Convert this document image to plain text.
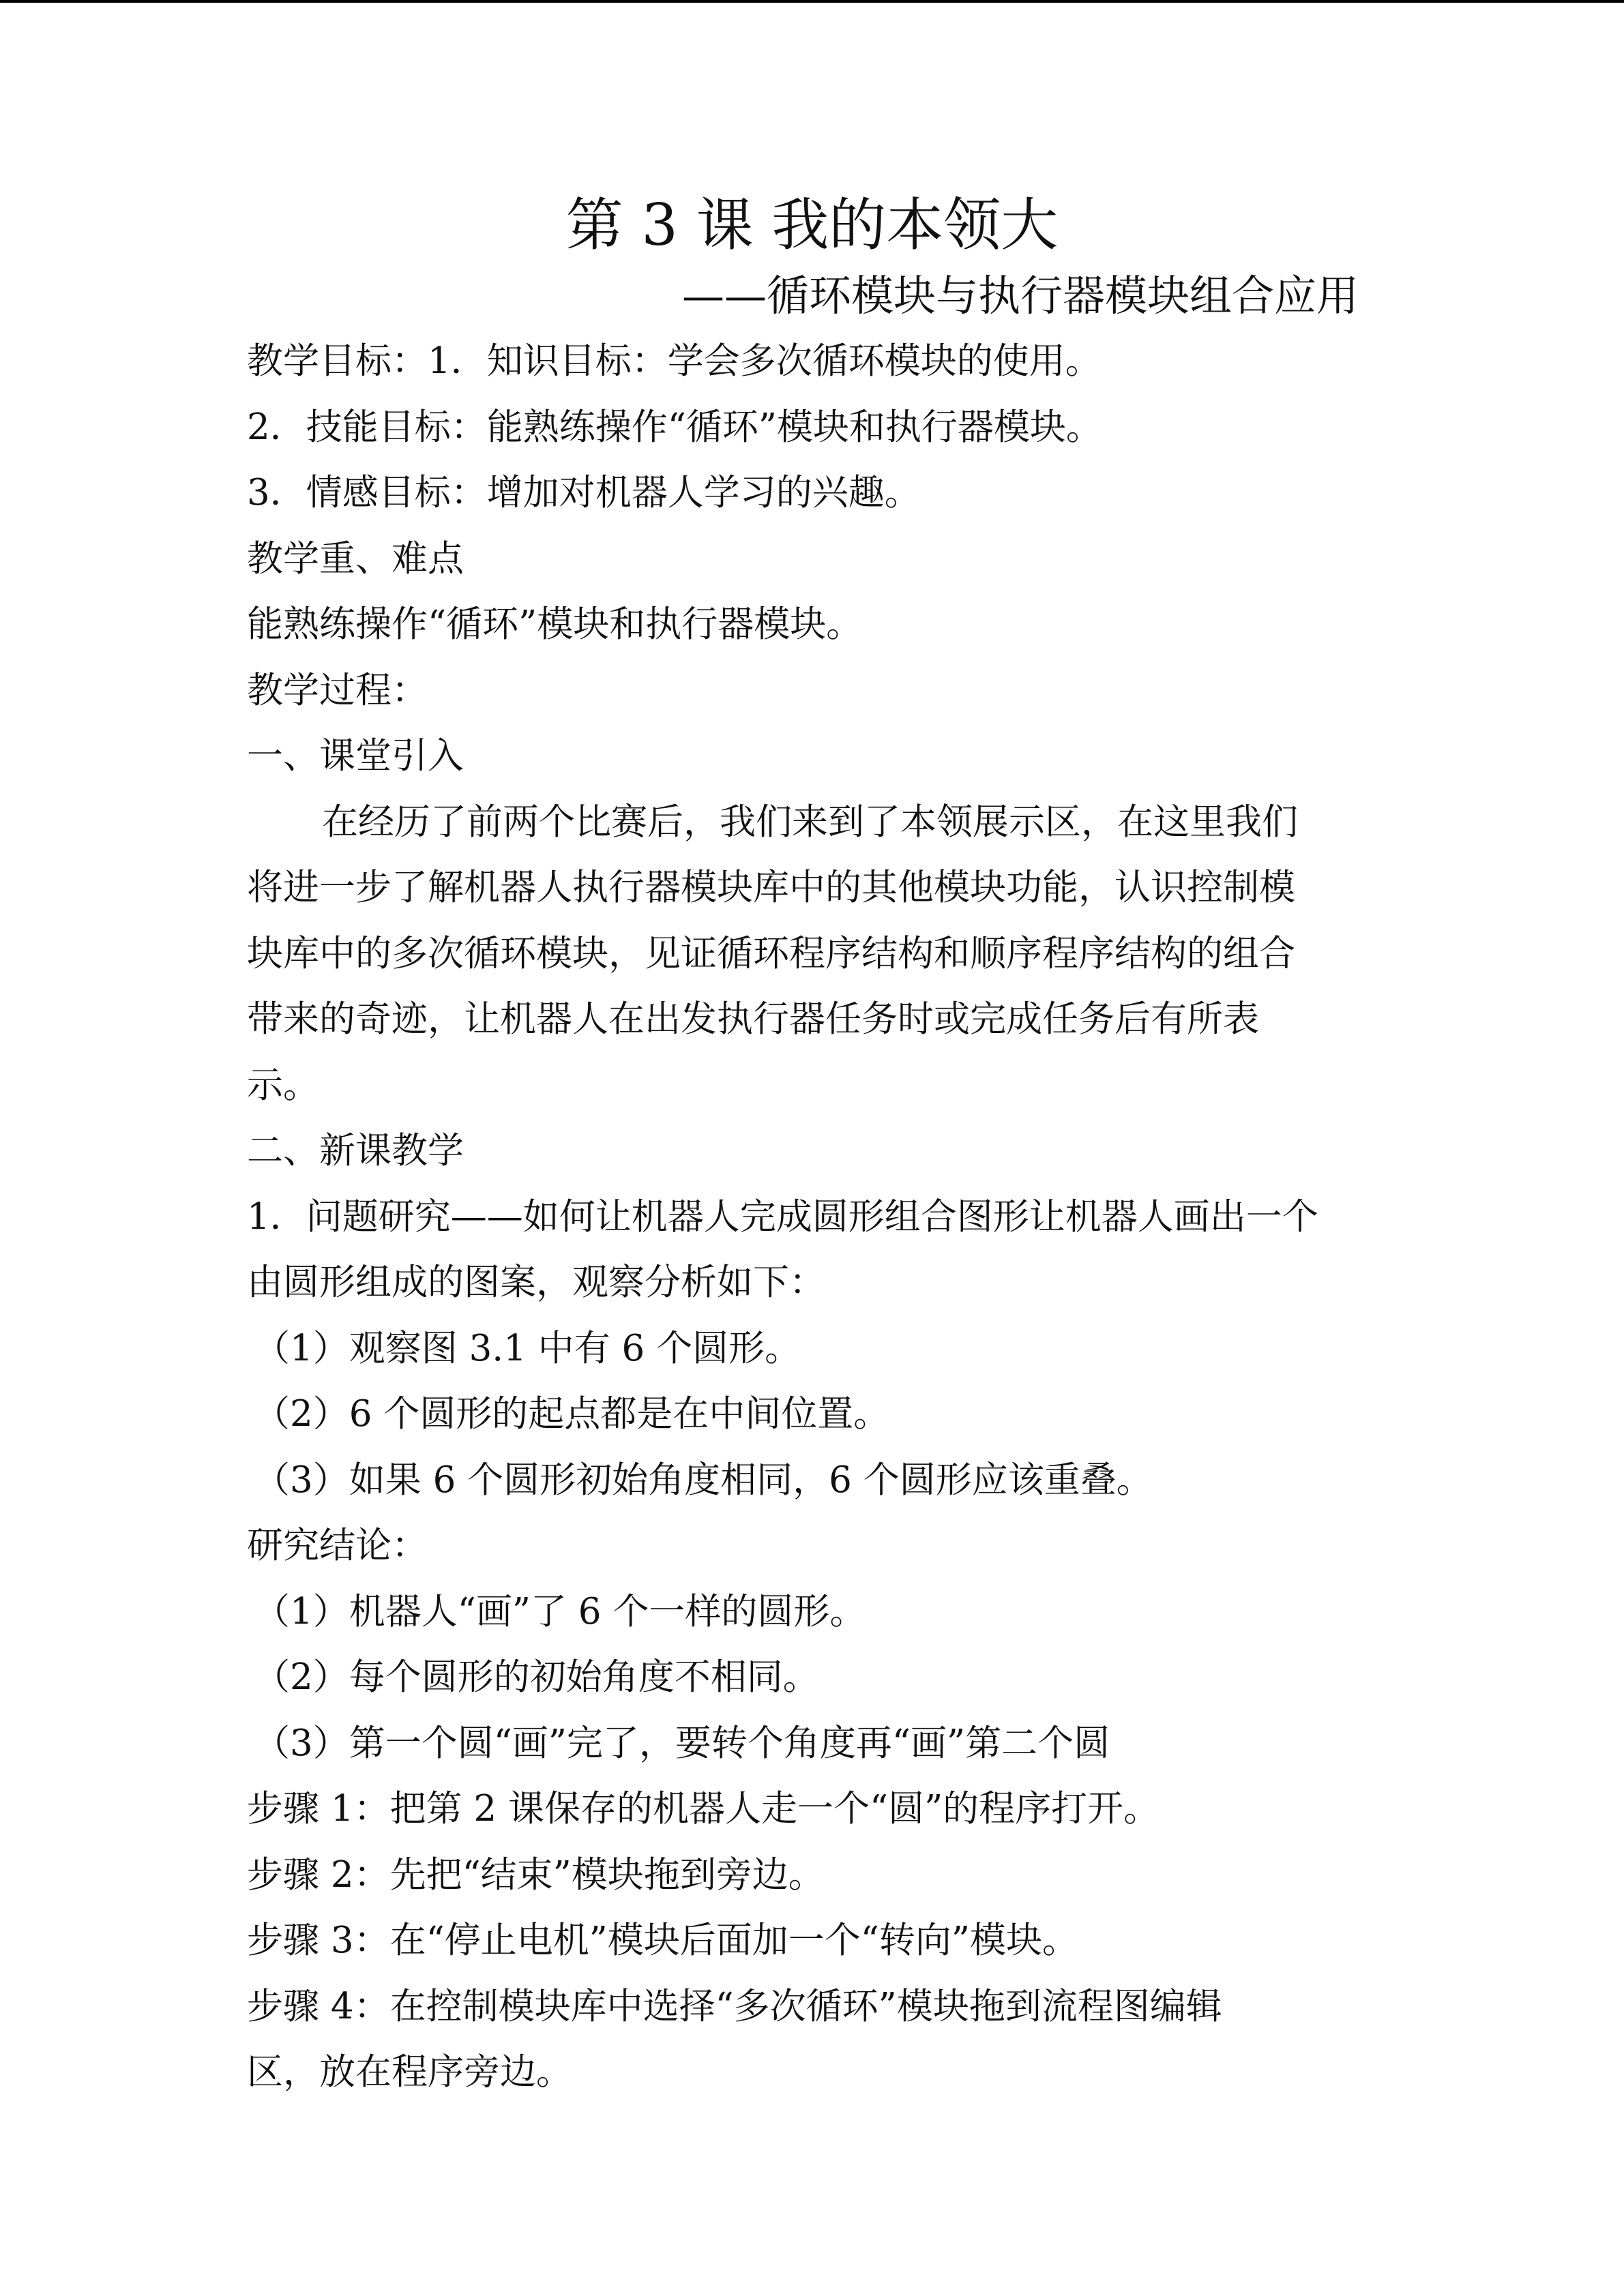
第 3 课 我的本领大
——循环模块与执行器模块组合应用
教学目标：1．知识目标：学会多次循环模块的使用。
2．技能目标：能熟练操作“循环”模块和执行器模块。
3．情感目标：增加对机器人学习的兴趣。
教学重、难点
能熟练操作“循环”模块和执行器模块。
教学过程：
一、课堂引入
在经历了前两个比赛后，我们来到了本领展示区，在这里我们
将进一步了解机器人执行器模块库中的其他模块功能，认识控制模
块库中的多次循环模块，见证循环程序结构和顺序程序结构的组合
带来的奇迹，让机器人在出发执行器任务时或完成任务后有所表
示。
二、新课教学
1．问题研究——如何让机器人完成圆形组合图形让机器人画出一个
由圆形组成的图案，观察分析如下：
（1）观察图 3.1 中有 6 个圆形。
（2）6 个圆形的起点都是在中间位置。
（3）如果 6 个圆形初始角度相同，6 个圆形应该重叠。
研究结论：
（1）机器人“画”了 6 个一样的圆形。
（2）每个圆形的初始角度不相同。
（3）第一个圆“画”完了，要转个角度再“画”第二个圆
步骤 1：把第 2 课保存的机器人走一个“圆”的程序打开。
步骤 2：先把“结束”模块拖到旁边。
步骤 3：在“停止电机”模块后面加一个“转向”模块。
步骤 4：在控制模块库中选择“多次循环”模块拖到流程图编辑
区，放在程序旁边。
